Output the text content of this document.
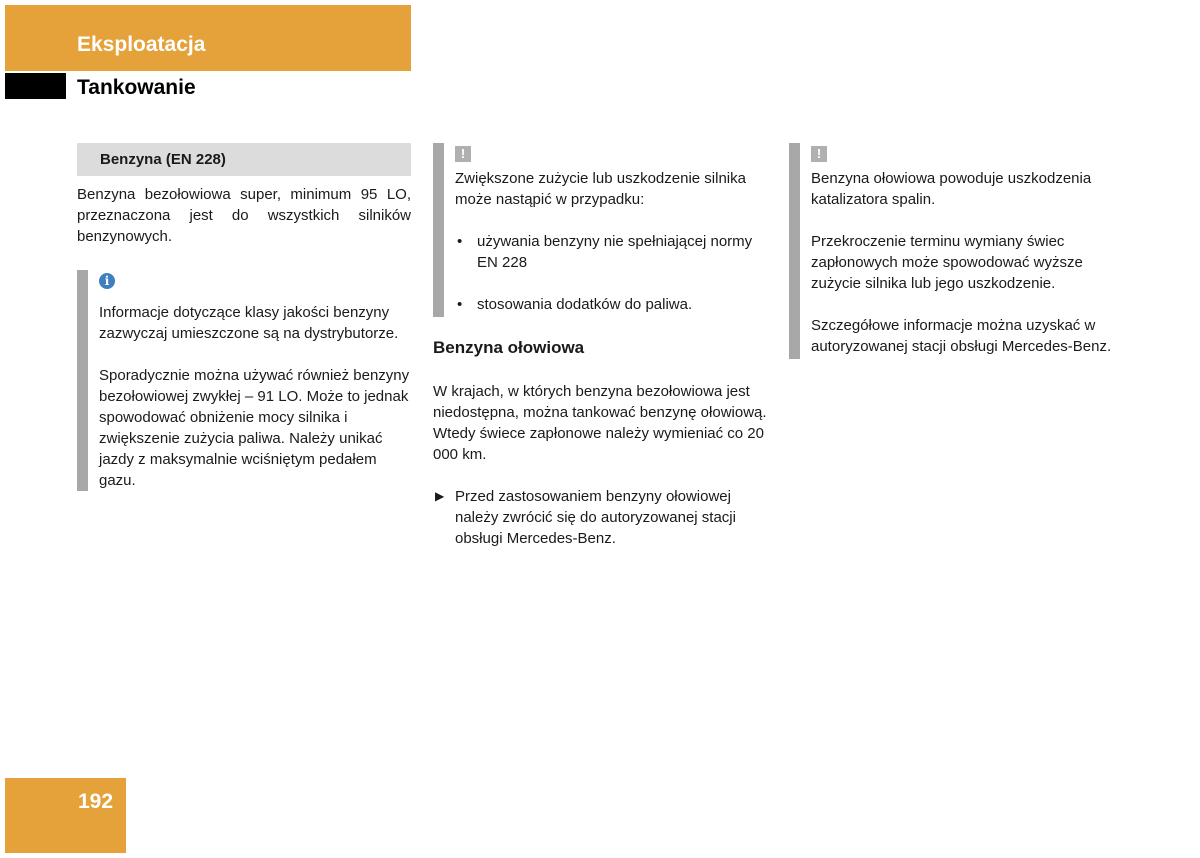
Eksploatacja
Tankowanie
Benzyna (EN 228)

Benzyna bezołowiowa super, minimum 95 LO, przeznaczona jest do wszystkich silników benzynowych.

i

Informacje dotyczące klasy jakości benzyny zazwyczaj umieszczone są na dystrybutorze.

Sporadycznie można używać również benzyny bezołowiowej zwykłej – 91 LO. Może to jednak spowodować obniżenie mocy silnika i zwiększenie zużycia paliwa. Należy unikać jazdy z maksymalnie wciśniętym pedałem gazu.

!

Zwiększone zużycie lub uszkodzenie silnika może nastąpić w przypadku:

• używania benzyny nie spełniającej normy EN 228

• stosowania dodatków do paliwa.

Benzyna ołowiowa

W krajach, w których benzyna bezołowiowa jest niedostępna, można tankować benzynę ołowiową. Wtedy świece zapłonowe należy wymieniać co 20 000 km.

▶ Przed zastosowaniem benzyny ołowiowej należy zwrócić się do autoryzowanej stacji obsługi Mercedes-Benz.

!

Benzyna ołowiowa powoduje uszkodzenia katalizatora spalin.

Przekroczenie terminu wymiany świec zapłonowych może spowodować wyższe zużycie silnika lub jego uszkodzenie.

Szczegółowe informacje można uzyskać w autoryzowanej stacji obsługi Mercedes-Benz.

192
